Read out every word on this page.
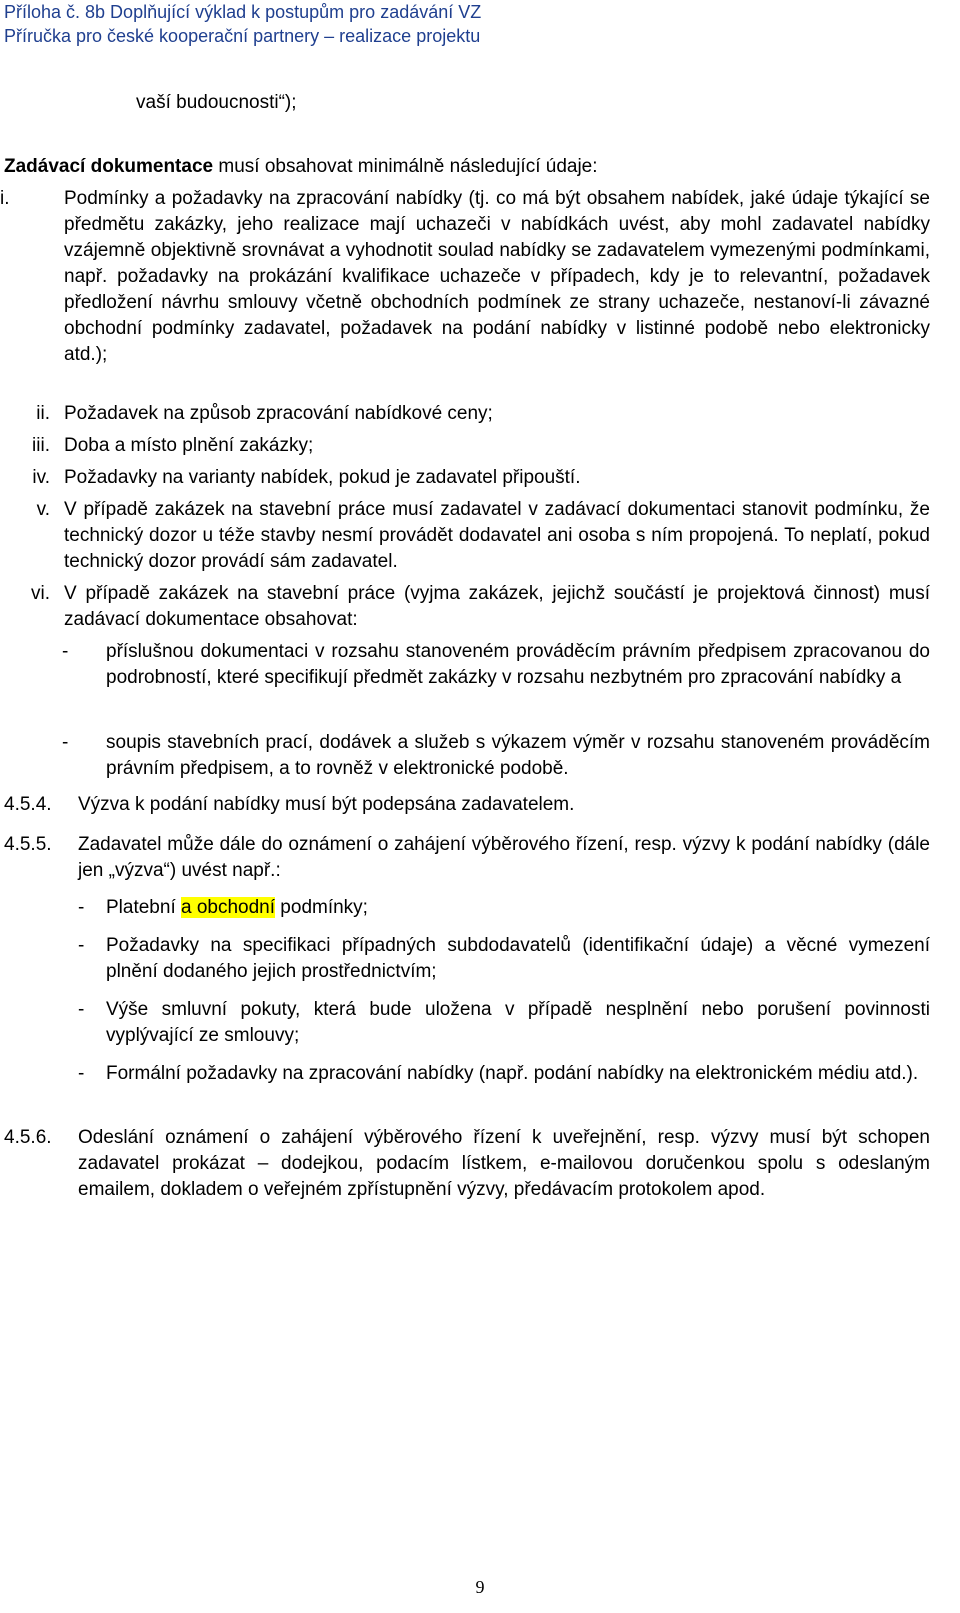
Příloha č. 8b Doplňující výklad k postupům pro zadávání VZ
Příručka pro české kooperační partnery – realizace projektu
vaší budoucnosti“);
Zadávací dokumentace musí obsahovat minimálně následující údaje:
i.	Podmínky a požadavky na zpracování nabídky (tj. co má být obsahem nabídek, jaké údaje týkající se předmětu zakázky, jeho realizace mají uchazeči v nabídkách uvést, aby mohl zadavatel nabídky vzájemně objektivně srovnávat a vyhodnotit soulad nabídky se zadavatelem vymezenými podmínkami, např. požadavky na prokázání kvalifikace uchazeče v případech, kdy je to relevantní, požadavek předložení návrhu smlouvy včetně obchodních podmínek ze strany uchazeče, nestanoví-li závazné obchodní podmínky zadavatel, požadavek na podání nabídky v listinné podobě nebo elektronicky atd.);
ii. Požadavek na způsob zpracování nabídkové ceny;
iii. Doba a místo plnění zakázky;
iv. Požadavky na varianty nabídek, pokud je zadavatel připouští.
v. V případě zakázek na stavební práce musí zadavatel v zadávací dokumentaci stanovit podmínku, že technický dozor u téže stavby nesmí provádět dodavatel ani osoba s ním propojená. To neplatí, pokud technický dozor provádí sám zadavatel.
vi. V případě zakázek na stavební práce (vyjma zakázek, jejichž součástí je projektová činnost) musí zadávací dokumentace obsahovat:
- příslušnou dokumentaci v rozsahu stanoveném prováděcím právním předpisem zpracovanou do podrobností, které specifikují předmět zakázky v rozsahu nezbytném pro zpracování nabídky a
- soupis stavebních prací, dodávek a služeb s výkazem výměr v rozsahu stanoveném prováděcím právním předpisem, a to rovněž v elektronické podobě.
4.5.4. Výzva k podání nabídky musí být podepsána zadavatelem.
4.5.5. Zadavatel může dále do oznámení o zahájení výběrového řízení, resp. výzvy k podání nabídky (dále jen „výzva“) uvést např.:
- Platební a obchodní podmínky;
- Požadavky na specifikaci případných subdodavatelů (identifikační údaje) a věcné vymezení plnění dodaného jejich prostřednictvím;
- Výše smluvní pokuty, která bude uložena v případě nesplnění nebo porušení povinnosti vyplývající ze smlouvy;
- Formální požadavky na zpracování nabídky (např. podání nabídky na elektronickém médiu atd.).
4.5.6. Odeslání oznámení o zahájení výběrového řízení k uveřejnění, resp. výzvy musí být schopen zadavatel prokázat – dodejkou, podacím lístkem, e-mailovou doručenkou spolu s odeslaným emailem, dokladem o veřejném zpřístupnění výzvy, předávacím protokolem apod.
9
